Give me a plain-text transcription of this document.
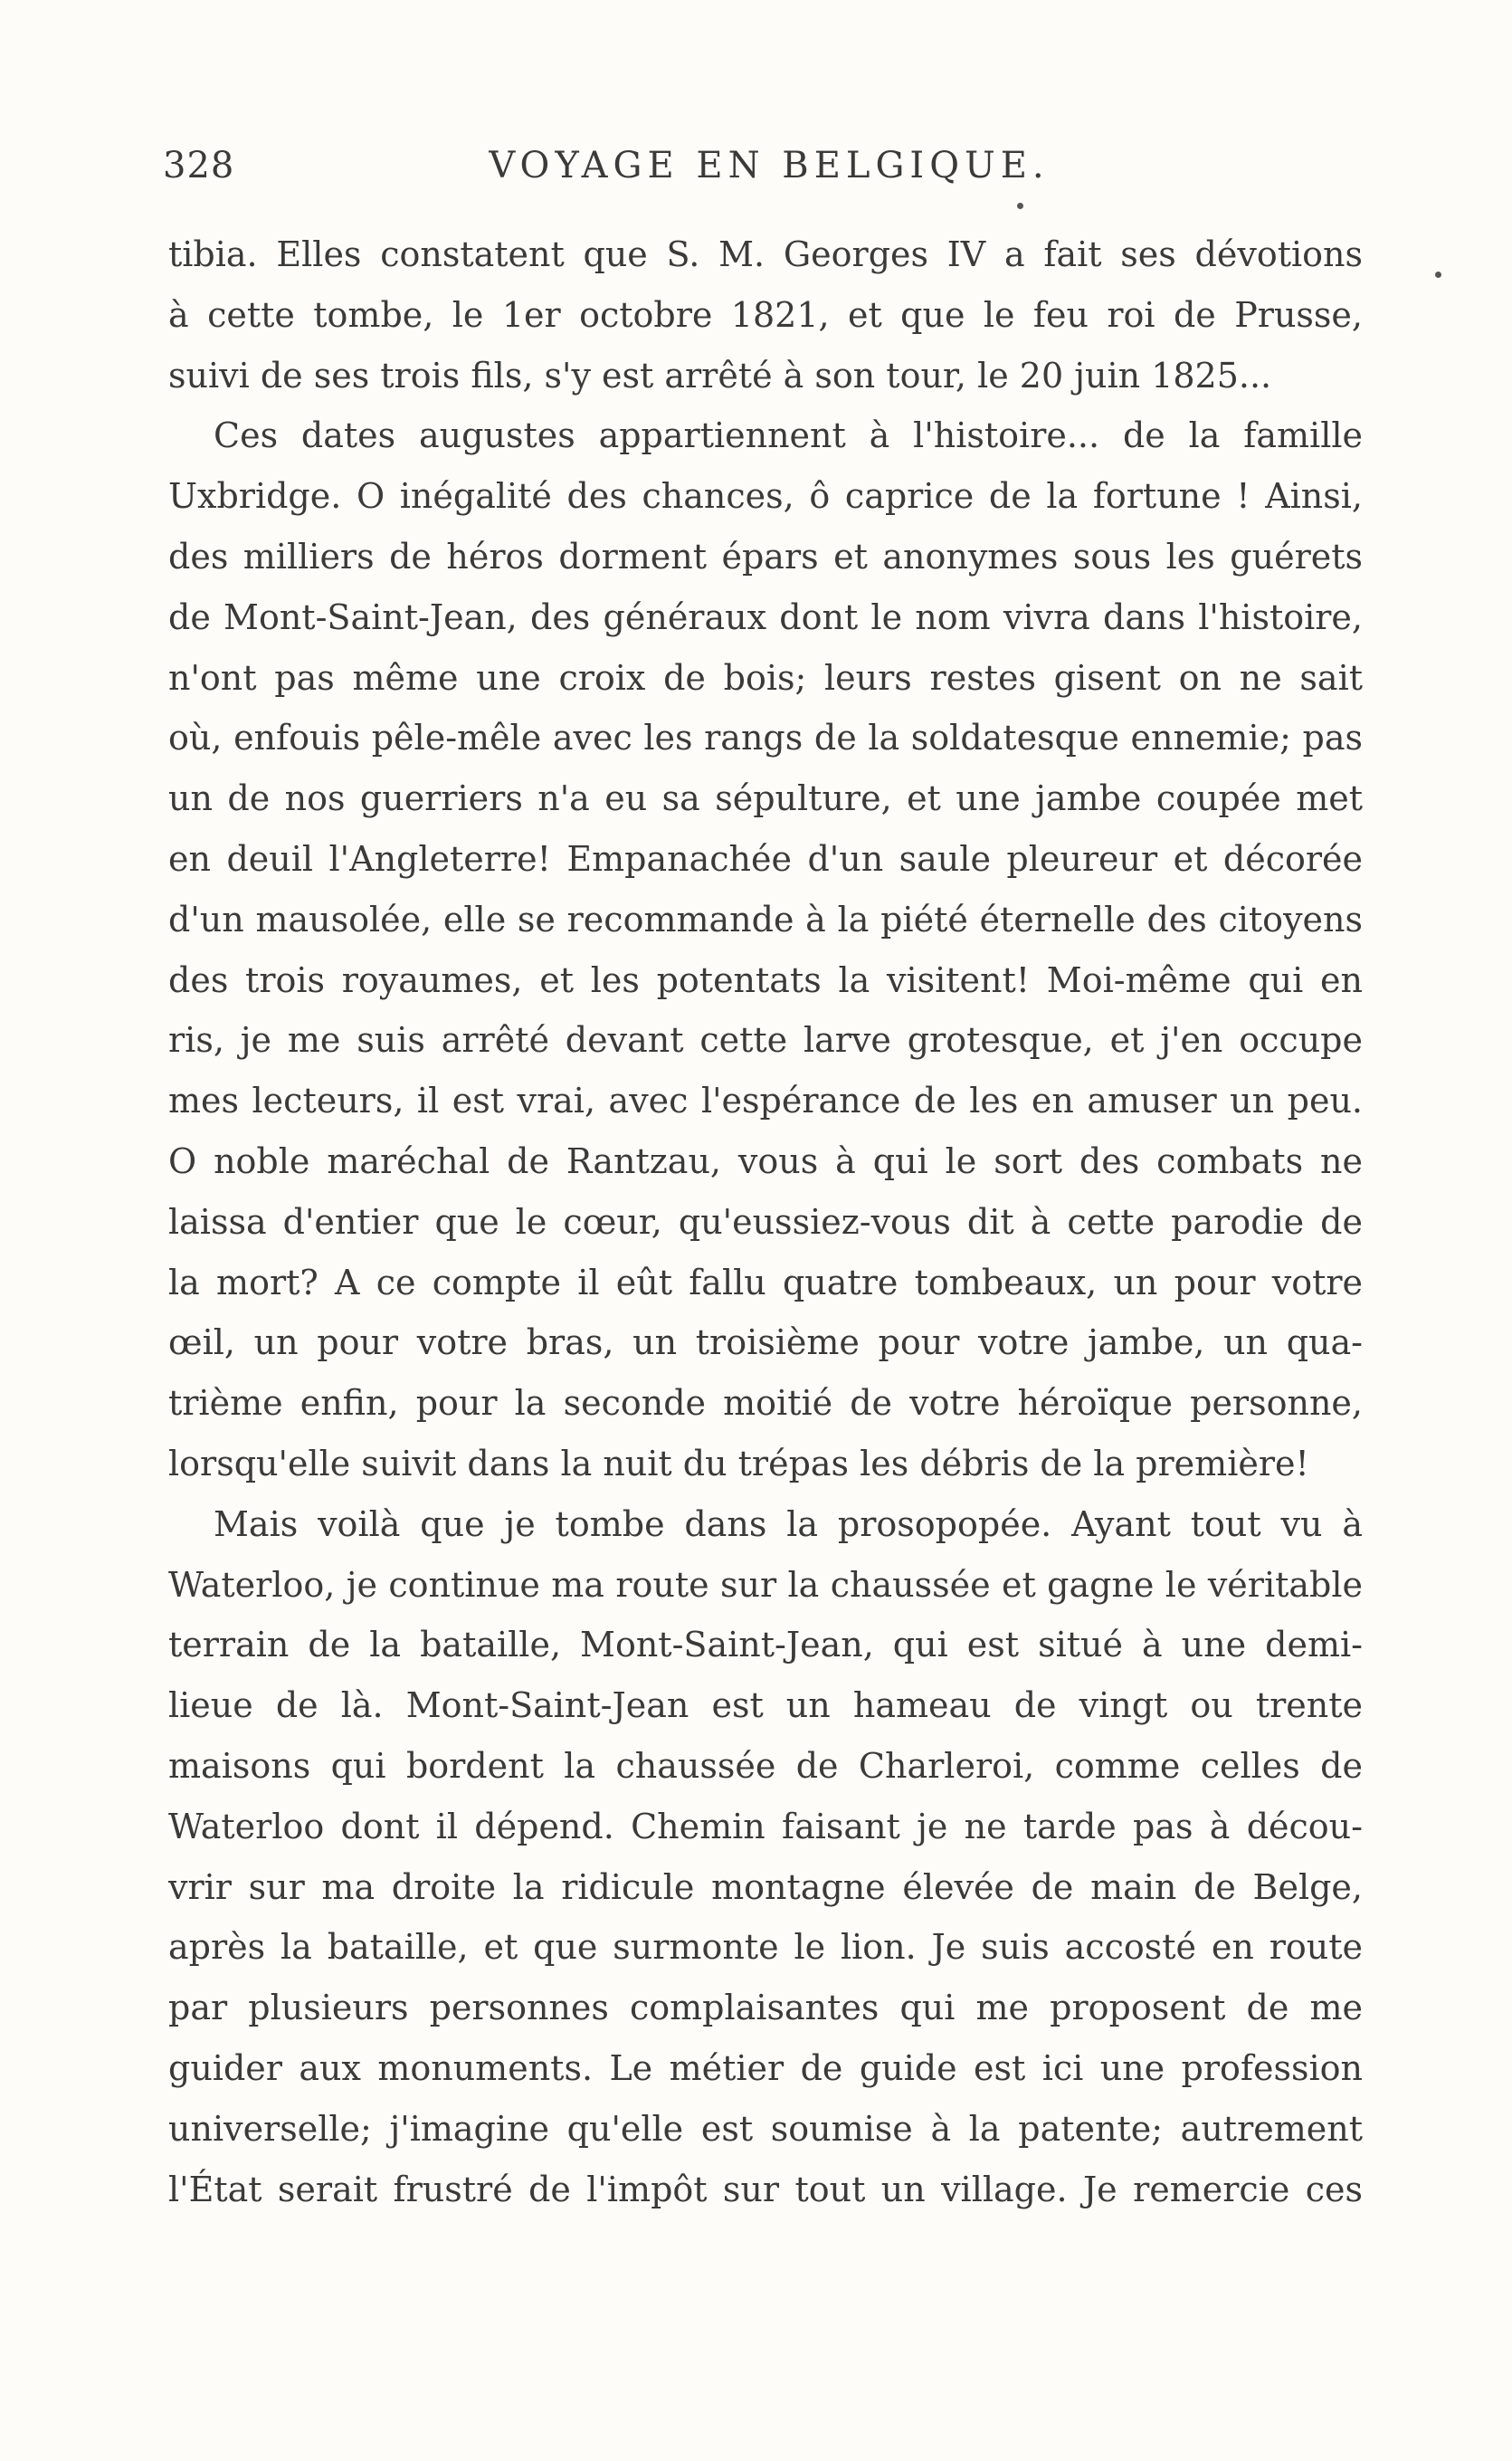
328	VOYAGE EN BELGIQUE.
tibia. Elles constatent que S. M. Georges IV a fait ses dévotions
à cette tombe, le 1er octobre 1821, et que le feu roi de Prusse,
suivi de ses trois fils, s'y est arrêté à son tour, le 20 juin 1825...
Ces dates augustes appartiennent à l'histoire... de la famille
Uxbridge. O inégalité des chances, ô caprice de la fortune ! Ainsi,
des milliers de héros dorment épars et anonymes sous les guérets
de Mont-Saint-Jean, des généraux dont le nom vivra dans l'histoire,
n'ont pas même une croix de bois; leurs restes gisent on ne sait
où, enfouis pêle-mêle avec les rangs de la soldatesque ennemie; pas
un de nos guerriers n'a eu sa sépulture, et une jambe coupée met
en deuil l'Angleterre! Empanachée d'un saule pleureur et décorée
d'un mausolée, elle se recommande à la piété éternelle des citoyens
des trois royaumes, et les potentats la visitent! Moi-même qui en
ris, je me suis arrêté devant cette larve grotesque, et j'en occupe
mes lecteurs, il est vrai, avec l'espérance de les en amuser un peu.
O noble maréchal de Rantzau, vous à qui le sort des combats ne
laissa d'entier que le cœur, qu'eussiez-vous dit à cette parodie de
la mort? A ce compte il eût fallu quatre tombeaux, un pour votre
œil, un pour votre bras, un troisième pour votre jambe, un qua-
trième enfin, pour la seconde moitié de votre héroïque personne,
lorsqu'elle suivit dans la nuit du trépas les débris de la première!
Mais voilà que je tombe dans la prosopopée. Ayant tout vu à
Waterloo, je continue ma route sur la chaussée et gagne le véritable
terrain de la bataille, Mont-Saint-Jean, qui est situé à une demi-
lieue de là. Mont-Saint-Jean est un hameau de vingt ou trente
maisons qui bordent la chaussée de Charleroi, comme celles de
Waterloo dont il dépend. Chemin faisant je ne tarde pas à décou-
vrir sur ma droite la ridicule montagne élevée de main de Belge,
après la bataille, et que surmonte le lion. Je suis accosté en route
par plusieurs personnes complaisantes qui me proposent de me
guider aux monuments. Le métier de guide est ici une profession
universelle; j'imagine qu'elle est soumise à la patente; autrement
l'État serait frustré de l'impôt sur tout un village. Je remercie ces
